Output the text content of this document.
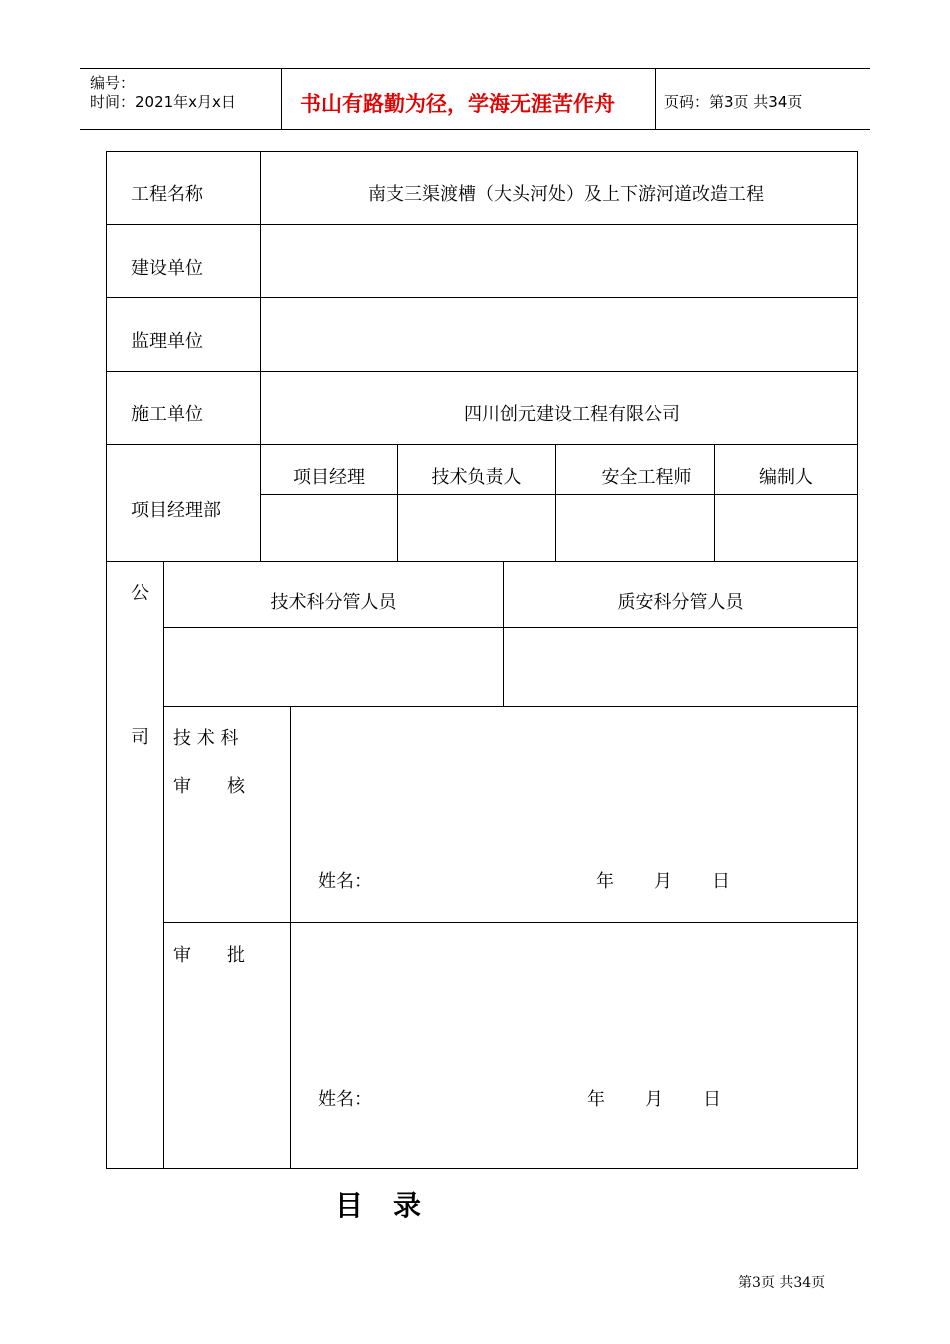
编号：
时间：2021年x月x日	书山有路勤为径，学海无涯苦作舟	页码：第3页 共34页
工程名称	南支三渠渡槽（大头河处）及上下游河道改造工程
建设单位
监理单位
施工单位	四川创元建设工程有限公司
项目经理部
项目经理	技术负责人	安全工程师	编制人
公
司
技术科分管人员	质安科分管人员
技 术 科
审　　核
姓名：	年 月 日
审　　批
姓名：	年 月 日
目录
第3页 共34页
